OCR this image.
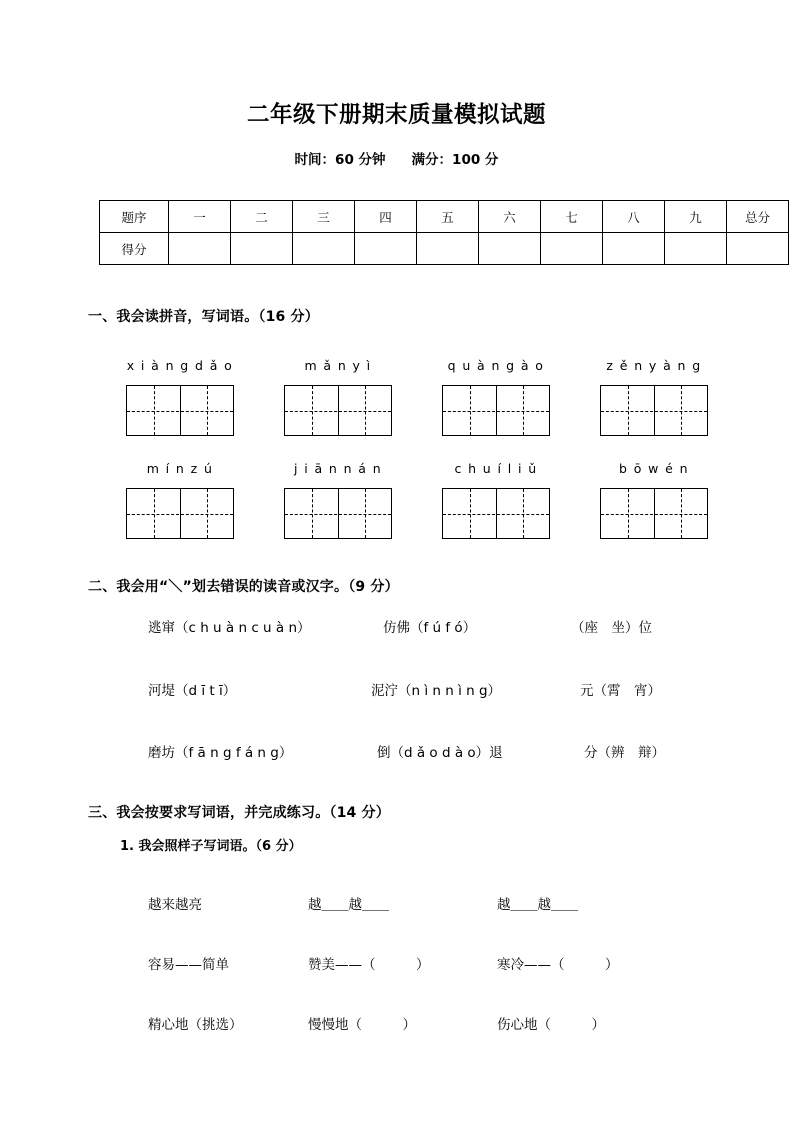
二年级下册期末质量模拟试题
时间：60 分钟 满分：100 分
题序	一	二	三	四	五	六	七	八	九	总分
得分										
一、我会读拼音，写词语。（16 分）
x i à n g d ǎ o	m ǎ n y ì	q u à n g à o	z ě n y à n g
m í n z ú	j i ā n n á n	c h u í l i ǔ	b ō w é n
二、我会用“＼”划去错误的读音或汉字。（9 分）
逃窜（c h u à n c u à n）	仿佛（f ú f ó）	（座　坐）位
河堤（d ī t ī）	泥泞（n ì n n ì n g）	元（霄　宵）
磨坊（f ā n g f á n g）	倒（d ǎ o d à o）退	分（辨　辩）
三、我会按要求写词语，并完成练习。（14 分）
1. 我会照样子写词语。（6 分）
越来越亮	越＿＿越＿＿	越＿＿越＿＿
容易——简单	赞美——（　　　）	寒冷——（　　　）
精心地（挑选）	慢慢地（　　　）	伤心地（　　　）
